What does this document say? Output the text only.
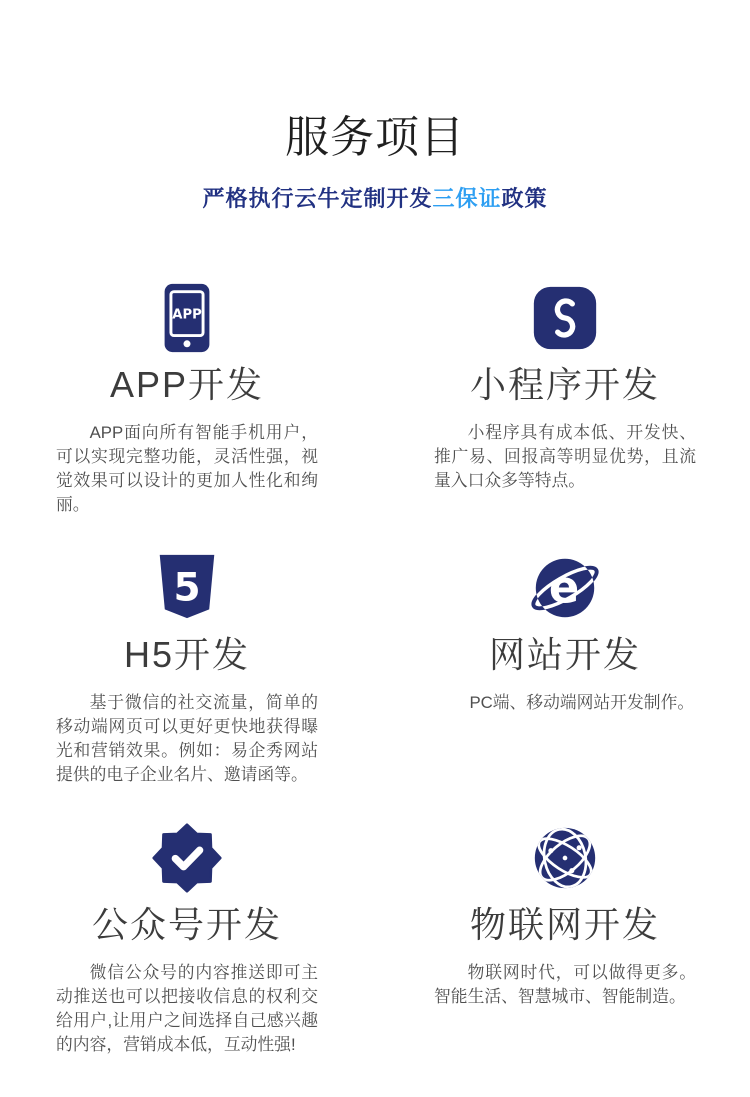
服务项目

严格执行云牛定制开发三保证政策

APP
APP开发

APP面向所有智能手机用户，可以实现完整功能，灵活性强，视觉效果可以设计的更加人性化和绚丽。

小程序开发

小程序具有成本低、开发快、推广易、回报高等明显优势，且流量入口众多等特点。

5
H5开发

基于微信的社交流量，简单的移动端网页可以更好更快地获得曝光和营销效果。例如：易企秀网站提供的电子企业名片、邀请函等。

e
网站开发

PC端、移动端网站开发制作。

公众号开发

微信公众号的内容推送即可主动推送也可以把接收信息的权利交给用户,让用户之间选择自己感兴趣的内容，营销成本低，互动性强!

物联网开发

物联网时代，可以做得更多。智能生活、智慧城市、智能制造。
